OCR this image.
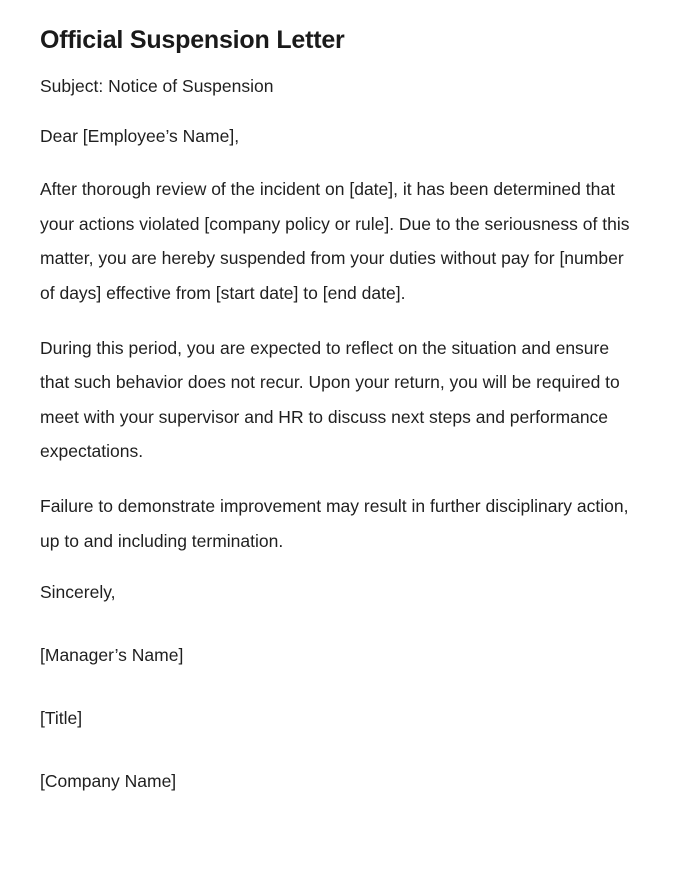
Official Suspension Letter

Subject: Notice of Suspension

Dear [Employee’s Name],

After thorough review of the incident on [date], it has been determined that your actions violated [company policy or rule]. Due to the seriousness of this matter, you are hereby suspended from your duties without pay for [number of days] effective from [start date] to [end date].

During this period, you are expected to reflect on the situation and ensure that such behavior does not recur. Upon your return, you will be required to meet with your supervisor and HR to discuss next steps and performance expectations.

Failure to demonstrate improvement may result in further disciplinary action, up to and including termination.

Sincerely,

[Manager’s Name]

[Title]

[Company Name]
